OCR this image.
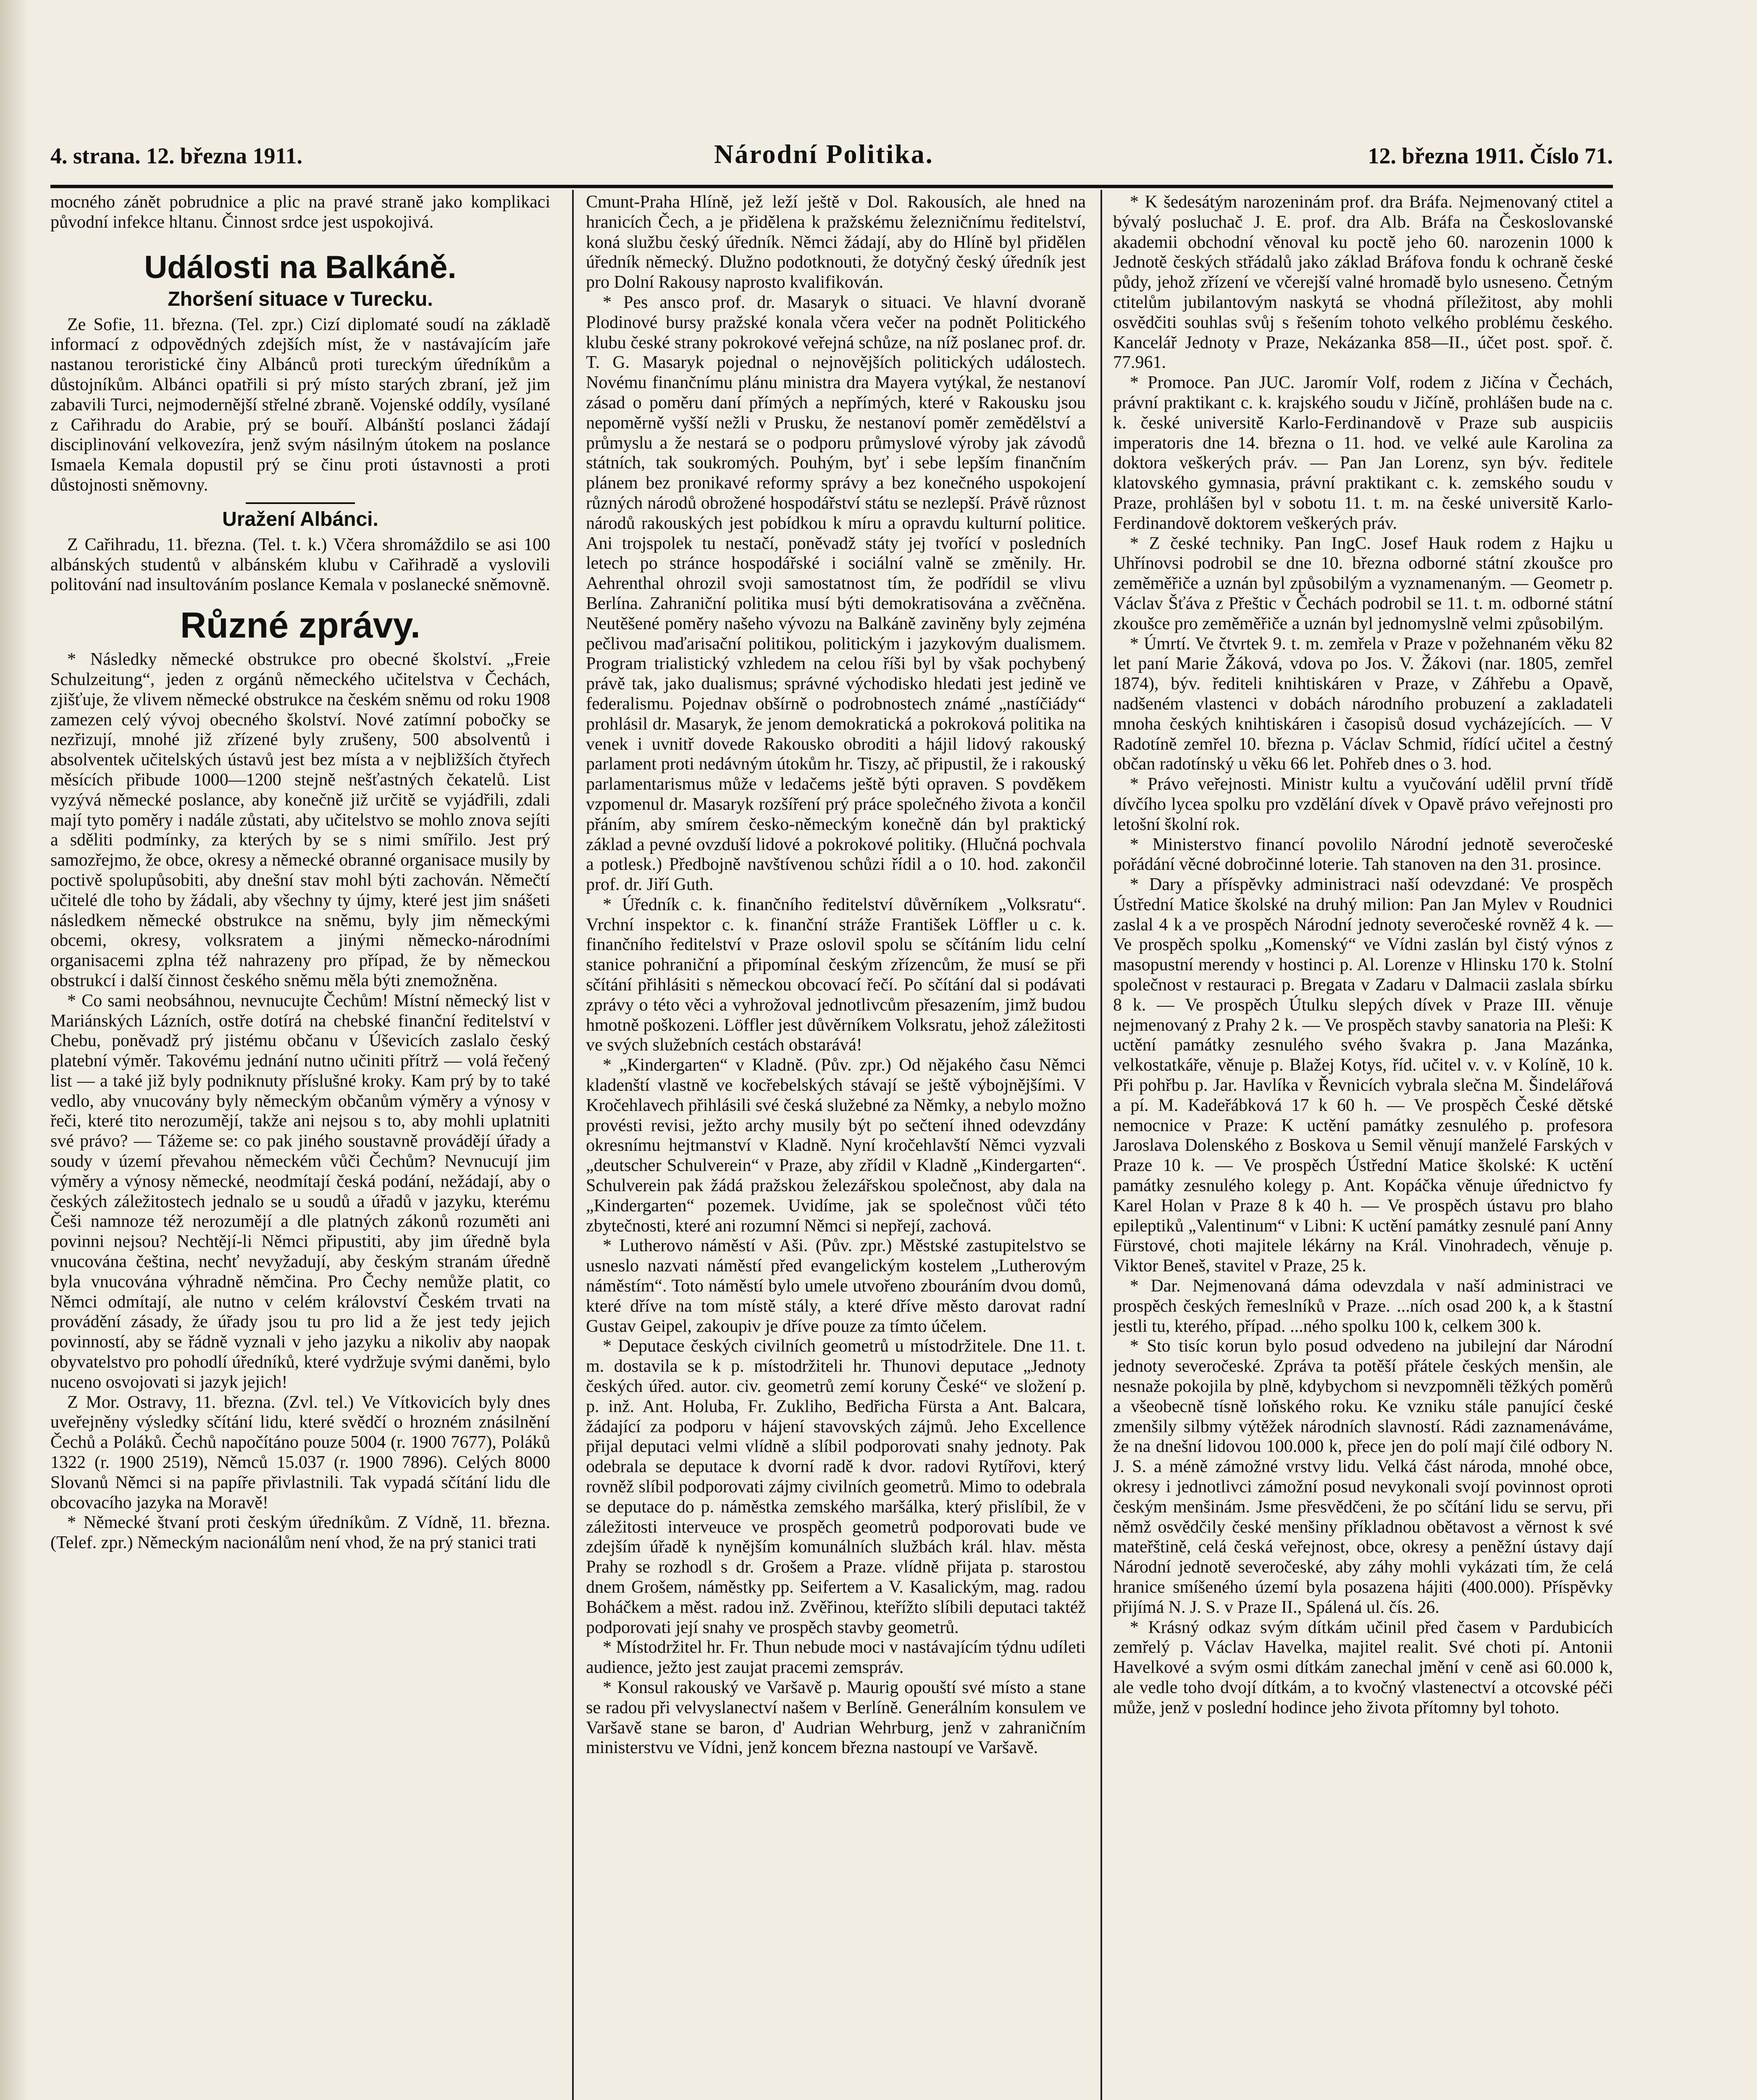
4. strana. 12. března 1911.	Národní Politika.	12. března 1911. Číslo 71.

mocného zánět pobrudnice a plic na pravé straně jako komplikaci původní infekce hltanu. Činnost srdce jest uspokojivá.

Události na Balkáně.
Zhoršení situace v Turecku.

Ze Sofie, 11. března. (Tel. zpr.) Cizí diplomaté soudí na základě informací z odpovědných zdejších míst, že v nastávajícím jaře nastanou teroristické činy Albánců proti tureckým úředníkům a důstojníkům. Albánci opatřili si prý místo starých zbraní, jež jim zabavili Turci, nejmodernější střelné zbraně. Vojenské oddíly, vysílané z Cařihradu do Arabie, prý se bouří. Albánští poslanci žádají disciplinování velkovezíra, jenž svým násilným útokem na poslance Ismaela Kemala dopustil prý se činu proti ústavnosti a proti důstojnosti sněmovny.

Uražení Albánci.

Z Cařihradu, 11. března. (Tel. t. k.) Včera shromáždilo se asi 100 albánských studentů v albánském klubu v Cařihradě a vyslovili politování nad insultováním poslance Kemala v poslanecké sněmovně.

Různé zprávy.

* Následky německé obstrukce pro obecné školství. „Freie Schulzeitung“, jeden z orgánů německého učitelstva v Čechách, zjišťuje, že vlivem německé obstrukce na českém sněmu od roku 1908 zamezen celý vývoj obecného školství. Nové zatímní pobočky se nezřizují, mnohé již zřízené byly zrušeny, 500 absolventů i absolventek učitelských ústavů jest bez místa a v nejbližších čtyřech měsících přibude 1000—1200 stejně nešťastných čekatelů. List vyzývá německé poslance, aby konečně již určitě se vyjádřili, zdali mají tyto poměry i nadále zůstati, aby učitelstvo se mohlo znova sejíti a sděliti podmínky, za kterých by se s nimi smířilo. Jest prý samozřejmo, že obce, okresy a německé obranné organisace musily by poctivě spolupůsobiti, aby dnešní stav mohl býti zachován. Němečtí učitelé dle toho by žádali, aby všechny ty újmy, které jest jim snášeti následkem německé obstrukce na sněmu, byly jim německými obcemi, okresy, volksratem a jinými německo-národními organisacemi zplna též nahrazeny pro případ, že by německou obstrukcí i další činnost českého sněmu měla býti znemožněna.

* Co sami neobsáhnou, nevnucujte Čechům! Místní německý list v Mariánských Lázních, ostře dotírá na chebské finanční ředitelství v Chebu, poněvadž prý jistému občanu v Úševicích zaslalo český platební výměr. Takovému jednání nutno učiniti přítrž — volá řečený list — a také již byly podniknuty příslušné kroky. Kam prý by to také vedlo, aby vnucovány byly německým občanům výměry a výnosy v řeči, které tito nerozumějí, takže ani nejsou s to, aby mohli uplatniti své právo? — Tážeme se: co pak jiného soustavně provádějí úřady a soudy v území převahou německém vůči Čechům? Nevnucují jim výměry a výnosy německé, neodmítají česká podání, nežádají, aby o českých záležitostech jednalo se u soudů a úřadů v jazyku, kterému Češi namnoze též nerozumějí a dle platných zákonů rozuměti ani povinni nejsou? Nechtějí-li Němci připustiti, aby jim úředně byla vnucována čeština, nechť nevyžadují, aby českým stranám úředně byla vnucována výhradně němčina. Pro Čechy nemůže platit, co Němci odmítají, ale nutno v celém království Českém trvati na provádění zásady, že úřady jsou tu pro lid a že jest tedy jejich povinností, aby se řádně vyznali v jeho jazyku a nikoliv aby naopak obyvatelstvo pro pohodlí úředníků, které vydržuje svými daněmi, bylo nuceno osvojovati si jazyk jejich!

Z Mor. Ostravy, 11. března. (Zvl. tel.) Ve Vítkovicích byly dnes uveřejněny výsledky sčítání lidu, které svědčí o hrozném znásilnění Čechů a Poláků. Čechů napočítáno pouze 5004 (r. 1900 7677), Poláků 1322 (r. 1900 2519), Němců 15.037 (r. 1900 7896). Celých 8000 Slovanů Němci si na papíře přivlastnili. Tak vypadá sčítání lidu dle obcovacího jazyka na Moravě!

* Německé štvaní proti českým úředníkům. Z Vídně, 11. března. (Telef. zpr.) Německým nacionálům není vhod, že na prý stanici trati

Cmunt-Praha Hlíně, jež leží ještě v Dol. Rakousích, ale hned na hranicích Čech, a je přidělena k pražskému železničnímu ředitelství, koná službu český úředník. Němci žádají, aby do Hlíně byl přidělen úředník německý. Dlužno podotknouti, že dotyčný český úředník jest pro Dolní Rakousy naprosto kvalifikován.

* Pes ansco prof. dr. Masaryk o situaci. Ve hlavní dvoraně Plodinové bursy pražské konala včera večer na podnět Politického klubu české strany pokrokové veřejná schůze, na níž poslanec prof. dr. T. G. Masaryk pojednal o nejnovějších politických událostech. Novému finančnímu plánu ministra dra Mayera vytýkal, že nestanoví zásad o poměru daní přímých a nepřímých, které v Rakousku jsou nepoměrně vyšší nežli v Prusku, že nestanoví poměr zemědělství a průmyslu a že nestará se o podporu průmyslové výroby jak závodů státních, tak soukromých. Pouhým, byť i sebe lepším finančním plánem bez pronikavé reformy správy a bez konečného uspokojení různých národů obrožené hospodářství státu se nezlepší. Právě různost národů rakouských jest pobídkou k míru a opravdu kulturní politice. Ani trojspolek tu nestačí, poněvadž státy jej tvořící v posledních letech po stránce hospodářské i sociální valně se změnily. Hr. Aehrenthal ohrozil svoji samostatnost tím, že podřídil se vlivu Berlína. Zahraniční politika musí býti demokratisována a zvěčněna. Neutěšené poměry našeho vývozu na Balkáně zaviněny byly zejména pečlivou maďarisační politikou, politickým i jazykovým dualismem. Program trialistický vzhledem na celou říši byl by však pochybený právě tak, jako dualismus; správné východisko hledati jest jedině ve federalismu. Pojednav obšírně o podrobnostech známé „nastíčiády“ prohlásil dr. Masaryk, že jenom demokratická a pokroková politika na venek i uvnitř dovede Rakousko obroditi a hájil lidový rakouský parlament proti nedávným útokům hr. Tiszy, ač připustil, že i rakouský parlamentarismus může v ledačems ještě býti opraven. S povděkem vzpomenul dr. Masaryk rozšíření prý práce společného života a končil přáním, aby smírem česko-německým konečně dán byl praktický základ a pevné ovzduší lidové a pokrokové politiky. (Hlučná pochvala a potlesk.) Předbojně navštívenou schůzi řídil a o 10. hod. zakončil prof. dr. Jiří Guth.

* Úředník c. k. finančního ředitelství důvěrníkem „Volksratu“. Vrchní inspektor c. k. finanční stráže František Löffler u c. k. finančního ředitelství v Praze oslovil spolu se sčítáním lidu celní stanice pohraniční a připomínal českým zřízencům, že musí se při sčítání přihlásiti s německou obcovací řečí. Po sčítání dal si podávati zprávy o této věci a vyhrožoval jednotlivcům přesazením, jimž budou hmotně poškozeni. Löffler jest důvěrníkem Volksratu, jehož záležitosti ve svých služebních cestách obstarává!

* „Kindergarten“ v Kladně. (Pův. zpr.) Od nějakého času Němci kladenští vlastně ve kocřebelských stávají se ještě výbojnějšími. V Kročehlavech přihlásili své česká služebné za Němky, a nebylo možno provésti revisi, ježto archy musily být po sečtení ihned odevzdány okresnímu hejtmanství v Kladně. Nyní kročehlavští Němci vyzvali „deutscher Schulverein“ v Praze, aby zřídil v Kladně „Kindergarten“. Schulverein pak žádá pražskou železářskou společnost, aby dala na „Kindergarten“ pozemek. Uvidíme, jak se společnost vůči této zbytečnosti, které ani rozumní Němci si nepřejí, zachová.

* Lutherovo náměstí v Aši. (Pův. zpr.) Městské zastupitelstvo se usneslo nazvati náměstí před evangelickým kostelem „Lutherovým náměstím“. Toto náměstí bylo umele utvořeno zbouráním dvou domů, které dříve na tom místě stály, a které dříve město darovat radní Gustav Geipel, zakoupiv je dříve pouze za tímto účelem.

* Deputace českých civilních geometrů u místodržitele. Dne 11. t. m. dostavila se k p. místodržiteli hr. Thunovi deputace „Jednoty českých úřed. autor. civ. geometrů zemí koruny České“ ve složení p. p. inž. Ant. Holuba, Fr. Zukliho, Bedřicha Fürsta a Ant. Balcara, žádající za podporu v hájení stavovských zájmů. Jeho Excellence přijal deputaci velmi vlídně a slíbil podporovati snahy jednoty. Pak odebrala se deputace k dvorní radě k dvor. radovi Rytířovi, který rovněž slíbil podporovati zájmy civilních geometrů. Mimo to odebrala se deputace do p. náměstka zemského maršálka, který přislíbil, že v záležitosti interveuce ve prospěch geometrů podporovati bude ve zdejším úřadě k nynějším komunálních službách král. hlav. města Prahy se rozhodl s dr. Grošem a Praze. vlídně přijata p. starostou dnem Grošem, náměstky pp. Seifertem a V. Kasalickým, mag. radou Boháčkem a měst. radou inž. Zvěřinou, kteřížto slíbili deputaci taktéž podporovati její snahy ve prospěch stavby geometrů.

* Místodržitel hr. Fr. Thun nebude moci v nastávajícím týdnu udíleti audience, ježto jest zaujat pracemi zemspráv.

* Konsul rakouský ve Varšavě p. Maurig opouští své místo a stane se radou při velvyslanectví našem v Berlíně. Generálním konsulem ve Varšavě stane se baron, d' Audrian Wehrburg, jenž v zahraničním ministerstvu ve Vídni, jenž koncem března nastoupí ve Varšavě.

* K šedesátým narozeninám prof. dra Bráfa. Nejmenovaný ctitel a bývalý posluchač J. E. prof. dra Alb. Bráfa na Českoslovanské akademii obchodní věnoval ku poctě jeho 60. narozenin 1000 k Jednotě českých střádalů jako základ Bráfova fondu k ochraně české půdy, jehož zřízení ve včerejší valné hromadě bylo usneseno. Četným ctitelům jubilantovým naskytá se vhodná příležitost, aby mohli osvědčiti souhlas svůj s řešením tohoto velkého problému českého. Kancelář Jednoty v Praze, Nekázanka 858—II., účet post. spoř. č. 77.961.

* Promoce. Pan JUC. Jaromír Volf, rodem z Jičína v Čechách, právní praktikant c. k. krajského soudu v Jičíně, prohlášen bude na c. k. české universitě Karlo-Ferdinandově v Praze sub auspiciis imperatoris dne 14. března o 11. hod. ve velké aule Karolina za doktora veškerých práv. — Pan Jan Lorenz, syn býv. ředitele klatovského gymnasia, právní praktikant c. k. zemského soudu v Praze, prohlášen byl v sobotu 11. t. m. na české universitě Karlo-Ferdinandově doktorem veškerých práv.

* Z české techniky. Pan IngC. Josef Hauk rodem z Hajku u Uhřínovsi podrobil se dne 10. března odborné státní zkoušce pro zeměměřiče a uznán byl způsobilým a vyznamenaným. — Geometr p. Václav Šťáva z Přeštic v Čechách podrobil se 11. t. m. odborné státní zkoušce pro zeměměřiče a uznán byl jednomyslně velmi způsobilým.

* Úmrtí. Ve čtvrtek 9. t. m. zemřela v Praze v požehnaném věku 82 let paní Marie Žáková, vdova po Jos. V. Žákovi (nar. 1805, zemřel 1874), býv. řediteli knihtiskáren v Praze, v Záhřebu a Opavě, nadšeném vlastenci v dobách národního probuzení a zakladateli mnoha českých knihtiskáren i časopisů dosud vycházejících. — V Radotíně zemřel 10. března p. Václav Schmid, řídící učitel a čestný občan radotínský u věku 66 let. Pohřeb dnes o 3. hod.

* Právo veřejnosti. Ministr kultu a vyučování udělil první třídě dívčího lycea spolku pro vzdělání dívek v Opavě právo veřejnosti pro letošní školní rok.

* Ministerstvo financí povolilo Národní jednotě severočeské pořádání věcné dobročinné loterie. Tah stanoven na den 31. prosince.

* Dary a příspěvky administraci naší odevzdané: Ve prospěch Ústřední Matice školské na druhý milion: Pan Jan Mylev v Roudnici zaslal 4 k a ve prospěch Národní jednoty severočeské rovněž 4 k. — Ve prospěch spolku „Komenský“ ve Vídni zaslán byl čistý výnos z masopustní merendy v hostinci p. Al. Lorenze v Hlinsku 170 k. Stolní společnost v restauraci p. Bregata v Zadaru v Dalmacii zaslala sbírku 8 k. — Ve prospěch Útulku slepých dívek v Praze III. věnuje nejmenovaný z Prahy 2 k. — Ve prospěch stavby sanatoria na Pleši: K uctění památky zesnulého svého švakra p. Jana Mazánka, velkostatkáře, věnuje p. Blažej Kotys, říd. učitel v. v. v Kolíně, 10 k. Při pohřbu p. Jar. Havlíka v Řevnicích vybrala slečna M. Šindelářová a pí. M. Kadeřábková 17 k 60 h. — Ve prospěch České dětské nemocnice v Praze: K uctění památky zesnulého p. profesora Jaroslava Dolenského z Boskova u Semil věnují manželé Farských v Praze 10 k. — Ve prospěch Ústřední Matice školské: K uctění památky zesnulého kolegy p. Ant. Kopáčka věnuje úřednictvo fy Karel Holan v Praze 8 k 40 h. — Ve prospěch ústavu pro blaho epileptiků „Valentinum“ v Libni: K uctění památky zesnulé paní Anny Fürstové, choti majitele lékárny na Král. Vinohradech, věnuje p. Viktor Beneš, stavitel v Praze, 25 k.

* Dar. Nejmenovaná dáma odevzdala v naší administraci ve prospěch českých řemeslníků v Praze. ...ních osad 200 k, a k štastní jestli tu, kterého, případ. ...ného spolku 100 k, celkem 300 k.

* Sto tisíc korun bylo posud odvedeno na jubilejní dar Národní jednoty severočeské. Zpráva ta potěší přátele českých menšin, ale nesnaže pokojila by plně, kdybychom si nevzpomněli těžkých poměrů a všeobecně tísně loňského roku. Ke vzniku stále panující české zmenšily silbmy výtěžek národních slavností. Rádi zaznamenáváme, že na dnešní lidovou 100.000 k, přece jen do polí mají čilé odbory N. J. S. a méně zámožné vrstvy lidu. Velká část národa, mnohé obce, okresy i jednotlivci zámožní posud nevykonali svojí povinnost oproti českým menšinám. Jsme přesvědčeni, že po sčítání lidu se servu, při němž osvědčily české menšiny příkladnou obětavost a věrnost k své mateřštině, celá česká veřejnost, obce, okresy a peněžní ústavy dají Národní jednotě severočeské, aby záhy mohli vykázati tím, že celá hranice smíšeného území byla posazena hájiti (400.000). Příspěvky přijímá N. J. S. v Praze II., Spálená ul. čís. 26.

* Krásný odkaz svým dítkám učinil před časem v Pardubicích zemřelý p. Václav Havelka, majitel realit. Své choti pí. Antonii Havelkové a svým osmi dítkám zanechal jmění v ceně asi 60.000 k, ale vedle toho dvojí dítkám, a to kvočný vlastenectví a otcovské péči může, jenž v poslední hodince jeho života přítomny byl tohoto.
